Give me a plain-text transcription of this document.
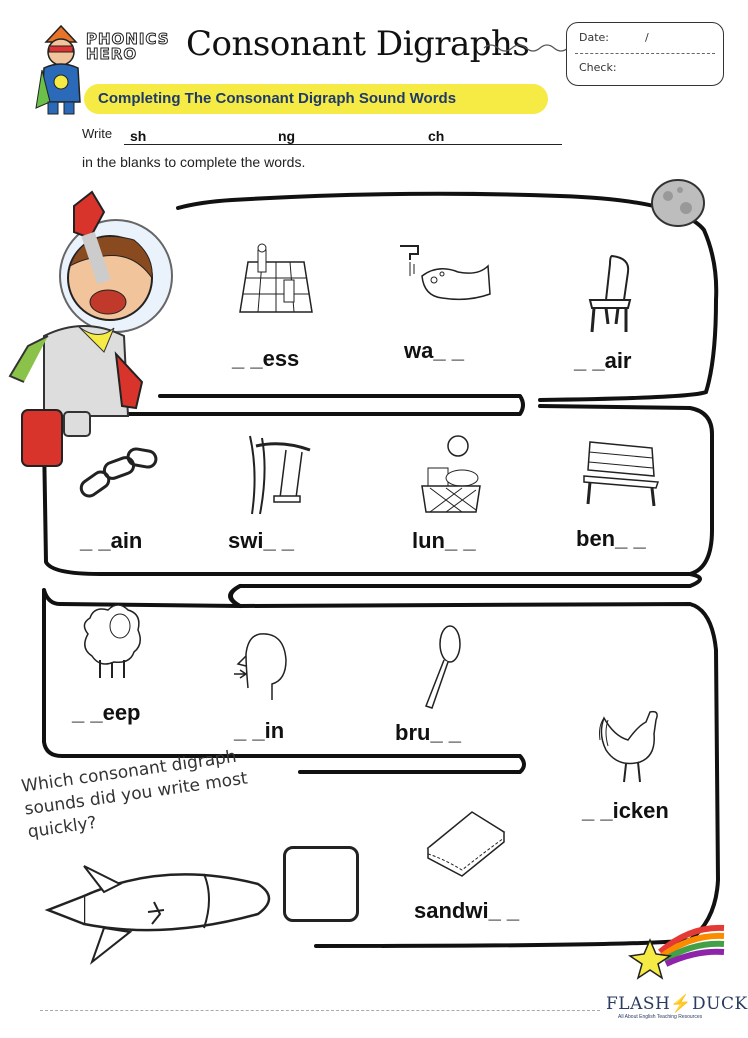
PHONICS
HERO	Consonant Digraphs	Date:	/
Check:
Completing The Consonant Digraph Sound Words
Write sh	ng	ch
in the blanks to complete the words.
_ _ess	wa_ _	_ _air
_ _ain	swi_ _	lun_ _	ben_ _
_ _eep
_ _in	bru_ _
_ _icken
sandwi_ _
Which consonant digraph sounds did you write most quickly?
FLASH⚡DUCK
All About English Teaching Resources
